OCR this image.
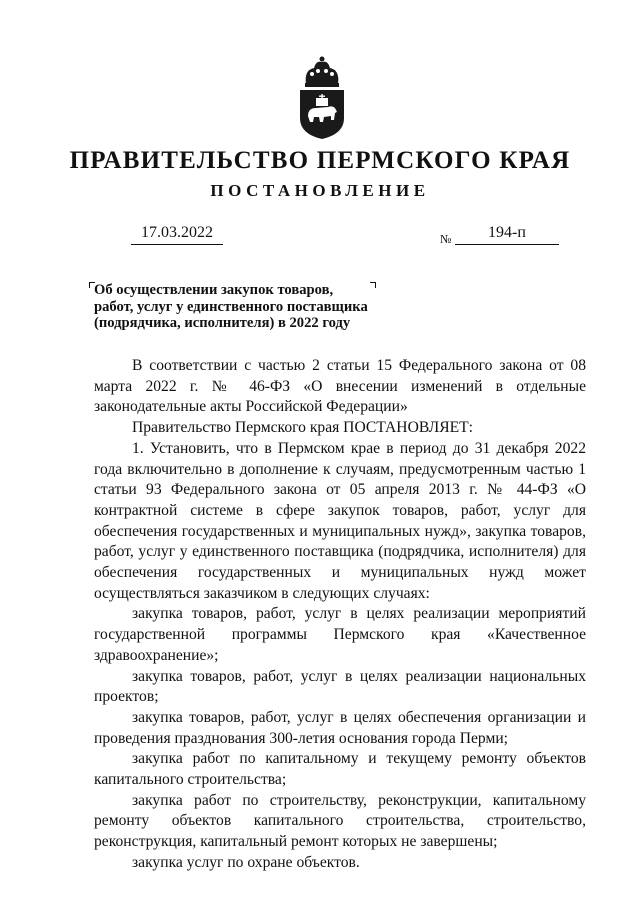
ПРАВИТЕЛЬСТВО ПЕРМСКОГО КРАЯ
ПОСТАНОВЛЕНИЕ
17.03.2022	№	194-п
Об осуществлении закупок товаров,
работ, услуг у единственного поставщика
(подрядчика, исполнителя) в 2022 году

В соответствии с частью 2 статьи 15 Федерального закона от 08 марта 2022 г. № 46-ФЗ «О внесении изменений в отдельные законодательные акты Российской Федерации»

Правительство Пермского края ПОСТАНОВЛЯЕТ:

1. Установить, что в Пермском крае в период до 31 декабря 2022 года включительно в дополнение к случаям, предусмотренным частью 1 статьи 93 Федерального закона от 05 апреля 2013 г. № 44-ФЗ «О контрактной системе в сфере закупок товаров, работ, услуг для обеспечения государственных и муниципальных нужд», закупка товаров, работ, услуг у единственного поставщика (подрядчика, исполнителя) для обеспечения государственных и муниципальных нужд может осуществляться заказчиком в следующих случаях:

закупка товаров, работ, услуг в целях реализации мероприятий государственной программы Пермского края «Качественное здравоохранение»;

закупка товаров, работ, услуг в целях реализации национальных проектов;

закупка товаров, работ, услуг в целях обеспечения организации и проведения празднования 300-летия основания города Перми;

закупка работ по капитальному и текущему ремонту объектов капитального строительства;

закупка работ по строительству, реконструкции, капитальному ремонту объектов капитального строительства, строительство, реконструкция, капитальный ремонт которых не завершены;

закупка услуг по охране объектов.
